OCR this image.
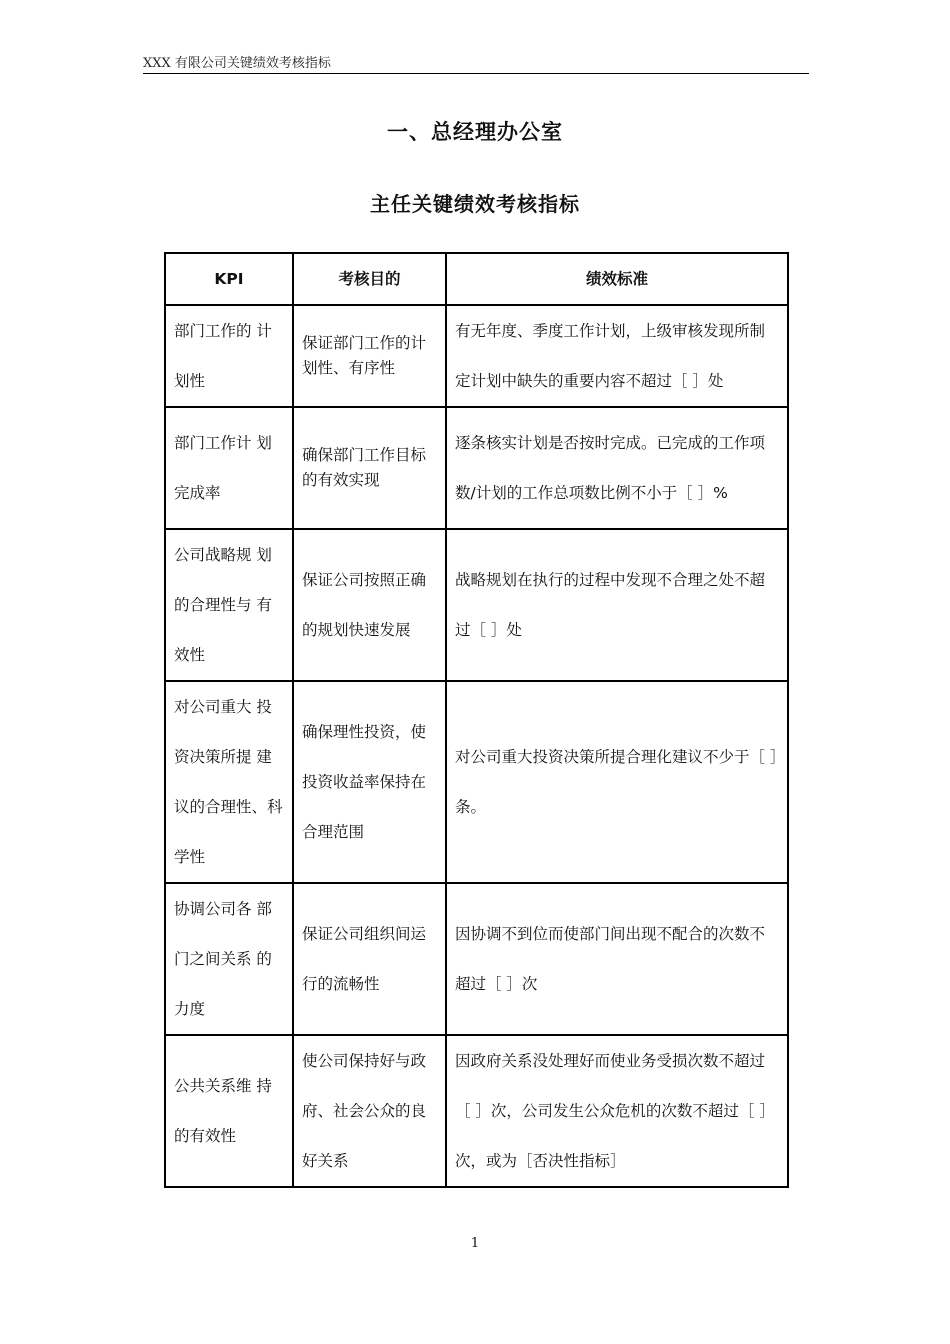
XXX 有限公司关键绩效考核指标
一、总经理办公室
主任关键绩效考核指标
KPI	考核目的	绩效标准
部门工作的 计划性	保证部门工作的计划性、有序性	有无年度、季度工作计划，上级审核发现所制定计划中缺失的重要内容不超过［ ］处
部门工作计 划完成率	确保部门工作目标的有效实现	逐条核实计划是否按时完成。已完成的工作项数/计划的工作总项数比例不小于［ ］%
公司战略规 划的合理性与 有效性	保证公司按照正确的规划快速发展	战略规划在执行的过程中发现不合理之处不超过［ ］处
对公司重大 投资决策所提 建议的合理性、科学性	确保理性投资，使投资收益率保持在合理范围	对公司重大投资决策所提合理化建议不少于［ ］条。
协调公司各 部门之间关系 的力度	保证公司组织间运行的流畅性	因协调不到位而使部门间出现不配合的次数不超过［ ］次
公共关系维 持的有效性	使公司保持好与政府、社会公众的良好关系	因政府关系没处理好而使业务受损次数不超过［ ］次，公司发生公众危机的次数不超过［ ］次，或为［否决性指标］
1
